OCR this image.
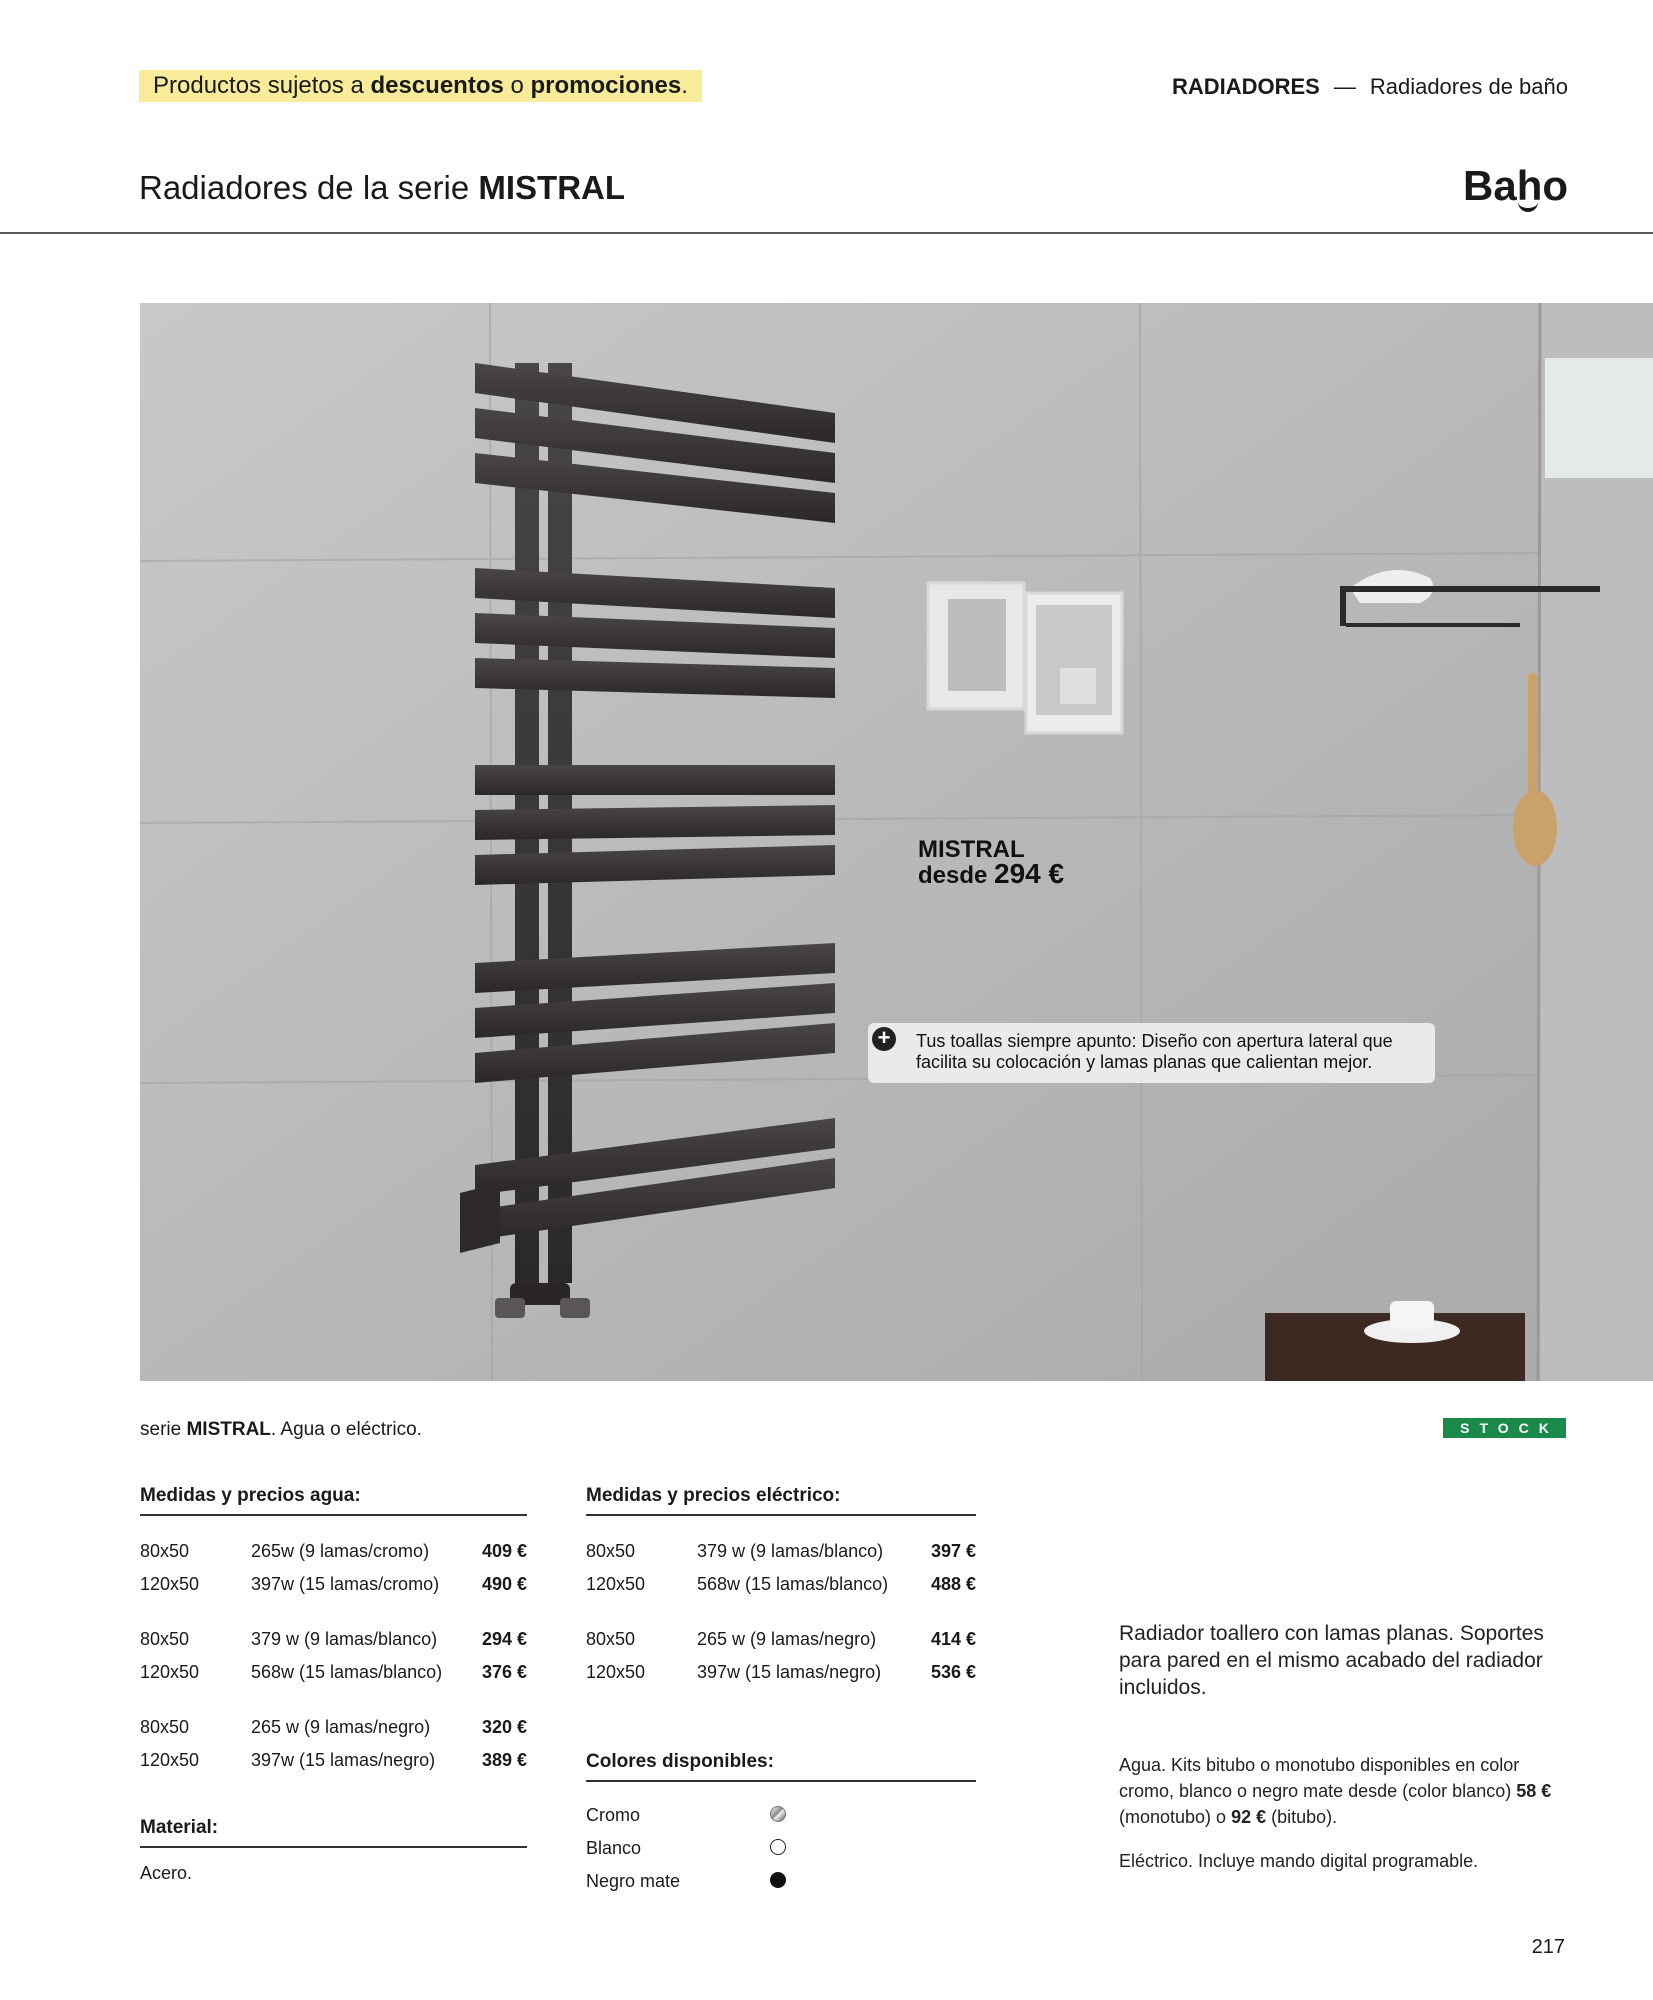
Productos sujetos a descuentos o promociones.	RADIADORES — Radiadores de baño
Radiadores de la serie MISTRAL	Baho
MISTRAL
desde 294 €
Tus toallas siempre apunto: Diseño con apertura lateral que facilita su colocación y lamas planas que calientan mejor.
+
serie MISTRAL. Agua o eléctrico.	STOCK
Medidas y precios agua:
80x50	265w (9 lamas/cromo)	409 €
120x50	397w (15 lamas/cromo) 490 €
80x50	379 w (9 lamas/blanco) 294 €
120x50	568w (15 lamas/blanco) 376 €
80x50	265 w (9 lamas/negro)	320 €
120x50	397w (15 lamas/negro)	389 €
Material:
Acero.
Medidas y precios eléctrico:
80x50	379 w (9 lamas/blanco)	397 €
120x50	568w (15 lamas/blanco) 488 €
80x50	265 w (9 lamas/negro)	414 €
120x50	397w (15 lamas/negro)	536 €
Colores disponibles:
Cromo
Blanco
Negro mate
Radiador toallero con lamas planas. Soportes para pared en el mismo acabado del radiador incluidos.
Agua. Kits bitubo o monotubo disponibles en color cromo, blanco o negro mate desde (color blanco) 58 € (monotubo) o 92 € (bitubo).
Eléctrico. Incluye mando digital programable.
217
